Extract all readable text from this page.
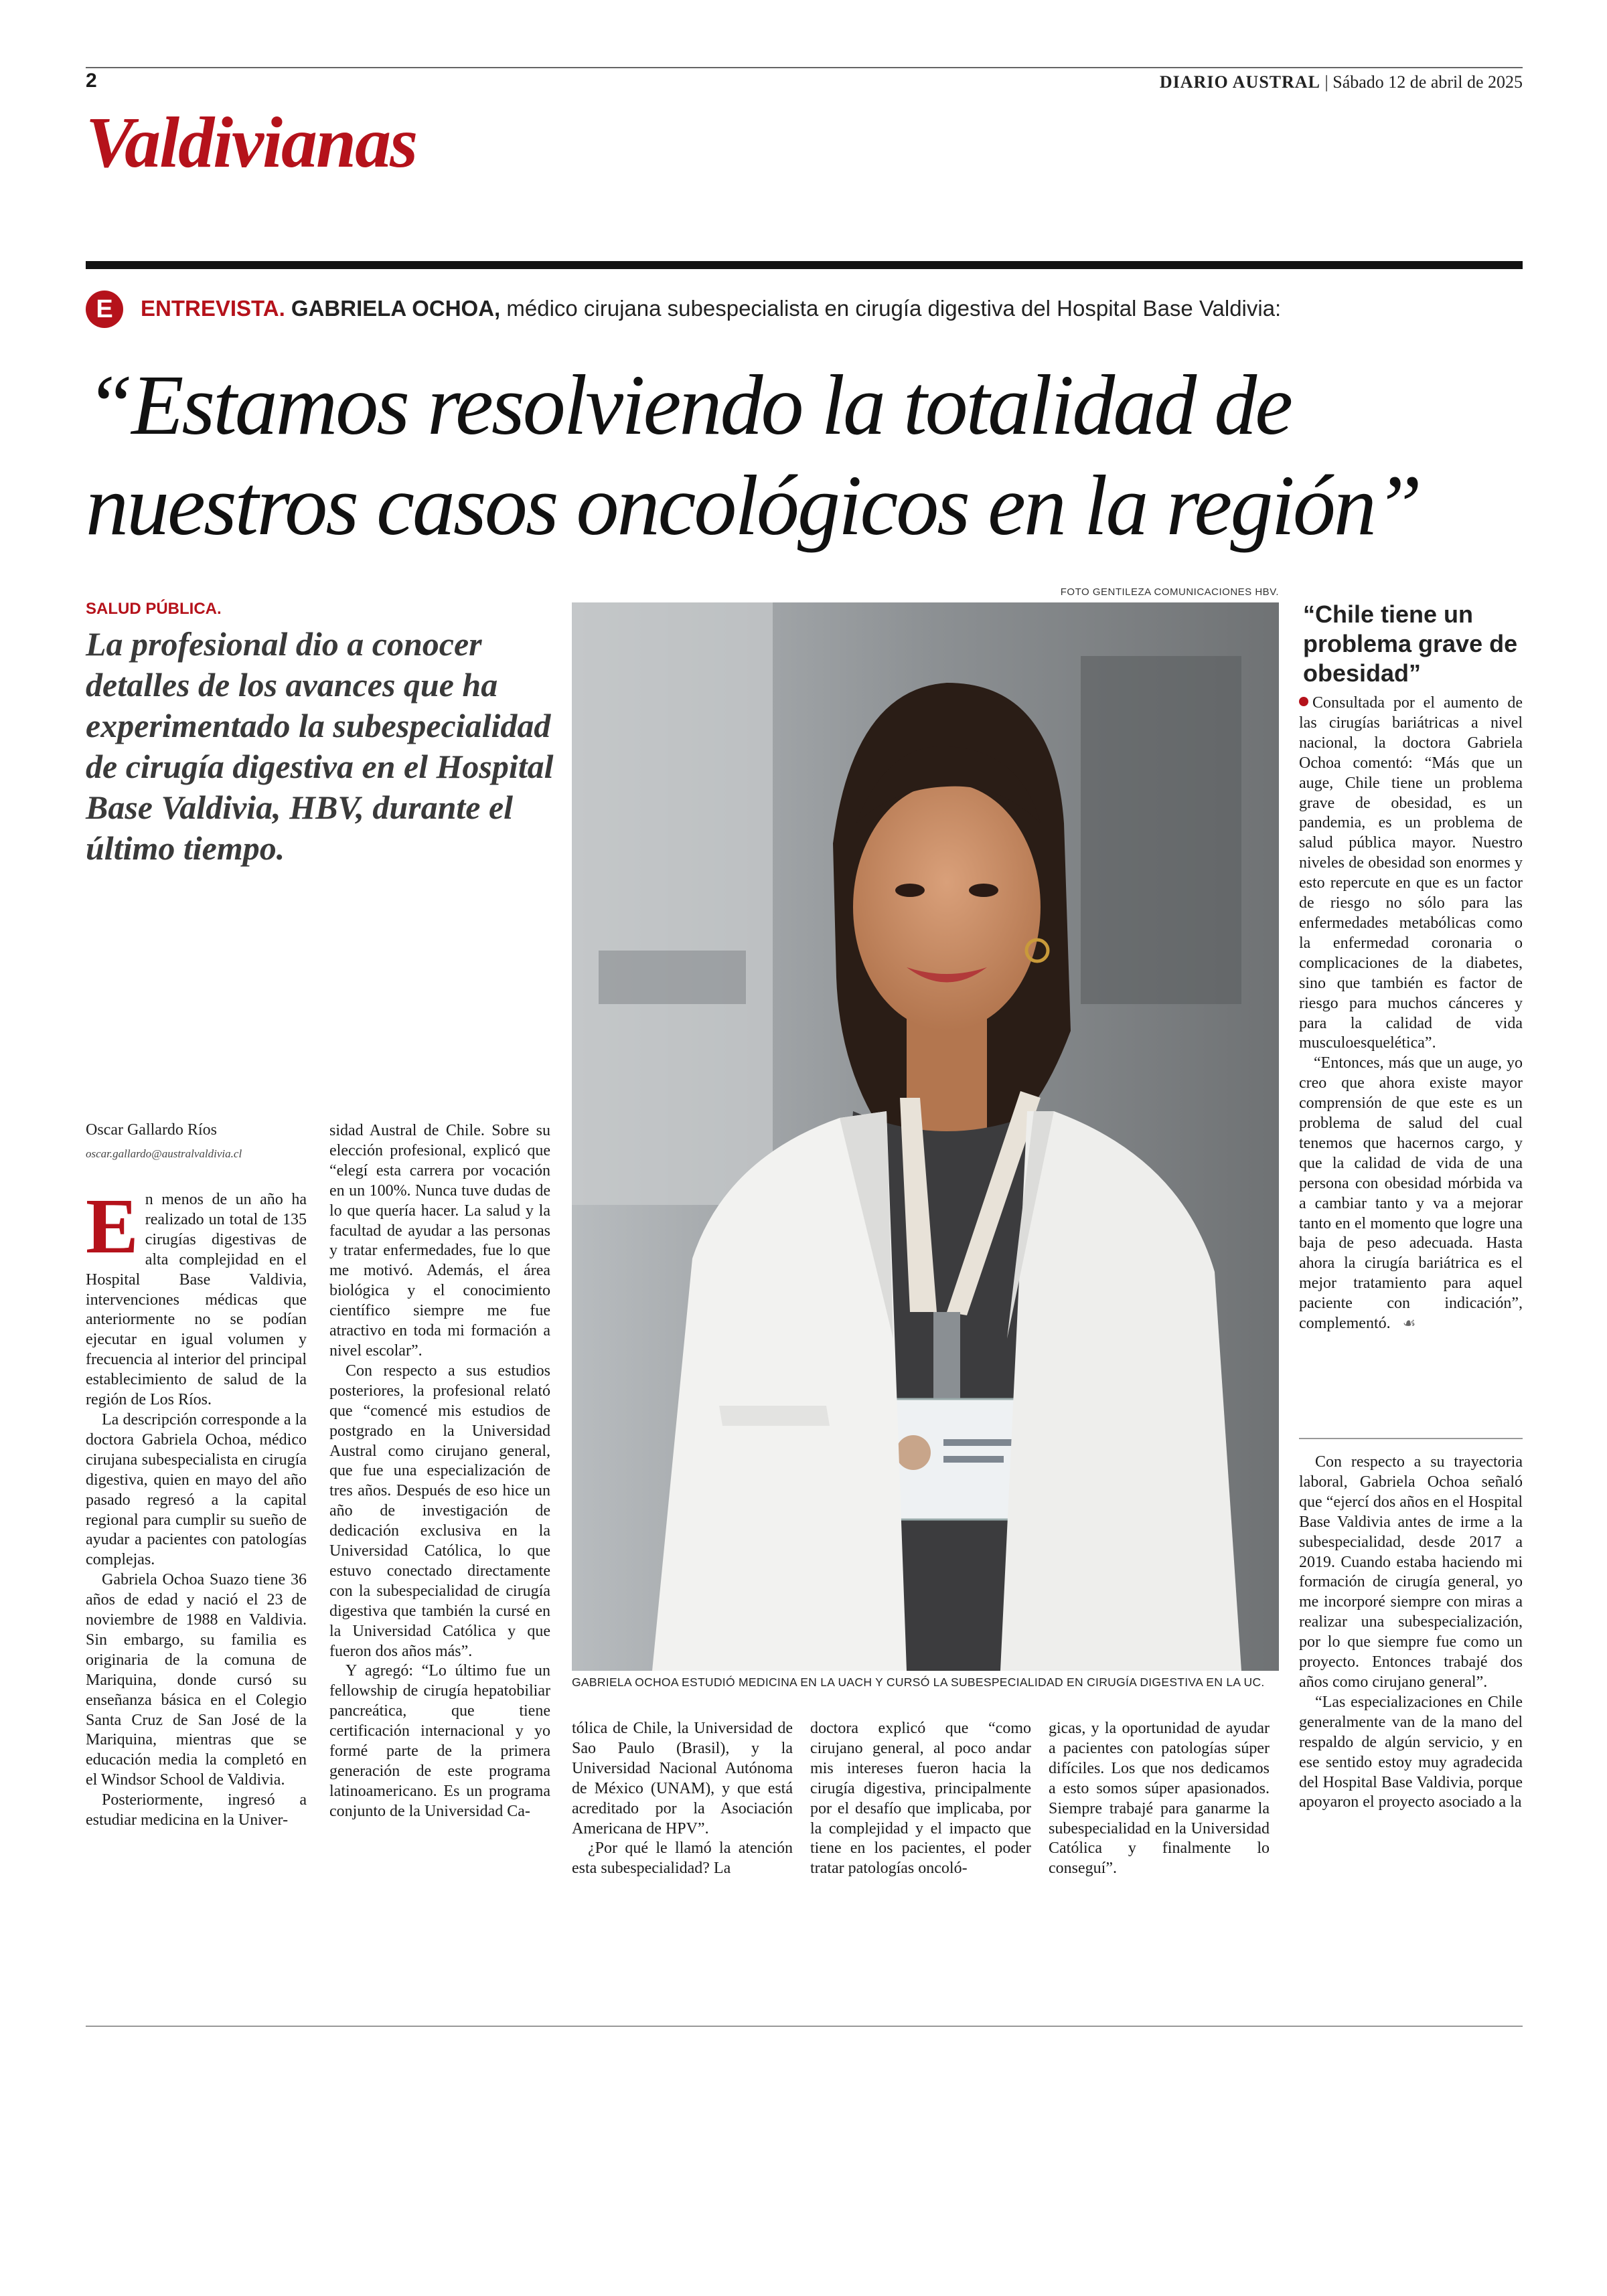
2	DIARIO AUSTRAL | Sábado 12 de abril de 2025
Valdivianas
E	ENTREVISTA. GABRIELA OCHOA, médico cirujana subespecialista en cirugía digestiva del Hospital Base Valdivia:
“Estamos resolviendo la totalidad de nuestros casos oncológicos en la región”
SALUD PÚBLICA.
La profesional dio a conocer detalles de los avances que ha experimentado la subespecialidad de cirugía digestiva en el Hospital Base Valdivia, HBV, durante el último tiempo.
FOTO GENTILEZA COMUNICACIONES HBV.
GABRIELA OCHOA ESTUDIÓ MEDICINA EN LA UACH Y CURSÓ LA SUBESPECIALIDAD EN CIRUGÍA DIGESTIVA EN LA UC.
“Chile tiene un problema grave de obesidad”

Consultada por el aumento de las cirugías bariátricas a nivel nacional, la doctora Gabriela Ochoa comentó: “Más que un auge, Chile tiene un problema grave de obesidad, es un pandemia, es un problema de salud pública mayor. Nuestro niveles de obesidad son enormes y esto repercute en que es un factor de riesgo no sólo para las enfermedades metabólicas como la enfermedad coronaria o complicaciones de la diabetes, sino que también es factor de riesgo para muchos cánceres y para la calidad de vida musculoesquelética”.

“Entonces, más que un auge, yo creo que ahora existe mayor comprensión de que este es un problema de salud del cual tenemos que hacernos cargo, y que la calidad de vida de una persona con obesidad mórbida va a cambiar tanto y va a mejorar tanto en el momento que logre una baja de peso adecuada. Hasta ahora la cirugía bariátrica es el mejor tratamiento para aquel paciente con indicación”, complementó. ☙

Oscar Gallardo Ríos
oscar.gallardo@australvaldivia.cl

En menos de un año ha realizado un total de 135 cirugías digestivas de alta complejidad en el Hospital Base Valdivia, intervenciones médicas que anteriormente no se podían ejecutar en igual volumen y frecuencia al interior del principal establecimiento de salud de la región de Los Ríos.

La descripción corresponde a la doctora Gabriela Ochoa, médico cirujana subespecialista en cirugía digestiva, quien en mayo del año pasado regresó a la capital regional para cumplir su sueño de ayudar a pacientes con patologías complejas.

Gabriela Ochoa Suazo tiene 36 años de edad y nació el 23 de noviembre de 1988 en Valdivia. Sin embargo, su familia es originaria de la comuna de Mariquina, donde cursó su enseñanza básica en el Colegio Santa Cruz de San José de la Mariquina, mientras que se educación media la completó en el Windsor School de Valdivia.

Posteriormente, ingresó a estudiar medicina en la Univer-

sidad Austral de Chile. Sobre su elección profesional, explicó que “elegí esta carrera por vocación en un 100%. Nunca tuve dudas de lo que quería hacer. La salud y la facultad de ayudar a las personas y tratar enfermedades, fue lo que me motivó. Además, el área biológica y el conocimiento científico siempre me fue atractivo en toda mi formación a nivel escolar”.

Con respecto a sus estudios posteriores, la profesional relató que “comencé mis estudios de postgrado en la Universidad Austral como cirujano general, que fue una especialización de tres años. Después de eso hice un año de investigación de dedicación exclusiva en la Universidad Católica, lo que estuvo conectado directamente con la subespecialidad de cirugía digestiva que también la cursé en la Universidad Católica y que fueron dos años más”.

Y agregó: “Lo último fue un fellowship de cirugía hepatobiliar pancreática, que tiene certificación internacional y yo formé parte de la primera generación de este programa latinoamericano. Es un programa conjunto de la Universidad Ca-

tólica de Chile, la Universidad de Sao Paulo (Brasil), y la Universidad Nacional Autónoma de México (UNAM), y que está acreditado por la Asociación Americana de HPV”.

¿Por qué le llamó la atención esta subespecialidad? La

doctora explicó que “como cirujano general, al poco andar mis intereses fueron hacia la cirugía digestiva, principalmente por el desafío que implicaba, por la complejidad y el impacto que tiene en los pacientes, el poder tratar patologías oncoló-

gicas, y la oportunidad de ayudar a pacientes con patologías súper difíciles. Los que nos dedicamos a esto somos súper apasionados. Siempre trabajé para ganarme la subespecialidad en la Universidad Católica y finalmente lo conseguí”.

Con respecto a su trayectoria laboral, Gabriela Ochoa señaló que “ejercí dos años en el Hospital Base Valdivia antes de irme a la subespecialidad, desde 2017 a 2019. Cuando estaba haciendo mi formación de cirugía general, yo me incorporé siempre con miras a realizar una subespecialización, por lo que siempre fue como un proyecto. Entonces trabajé dos años como cirujano general”.

“Las especializaciones en Chile generalmente van de la mano del respaldo de algún servicio, y en ese sentido estoy muy agradecida del Hospital Base Valdivia, porque apoyaron el proyecto asociado a la
